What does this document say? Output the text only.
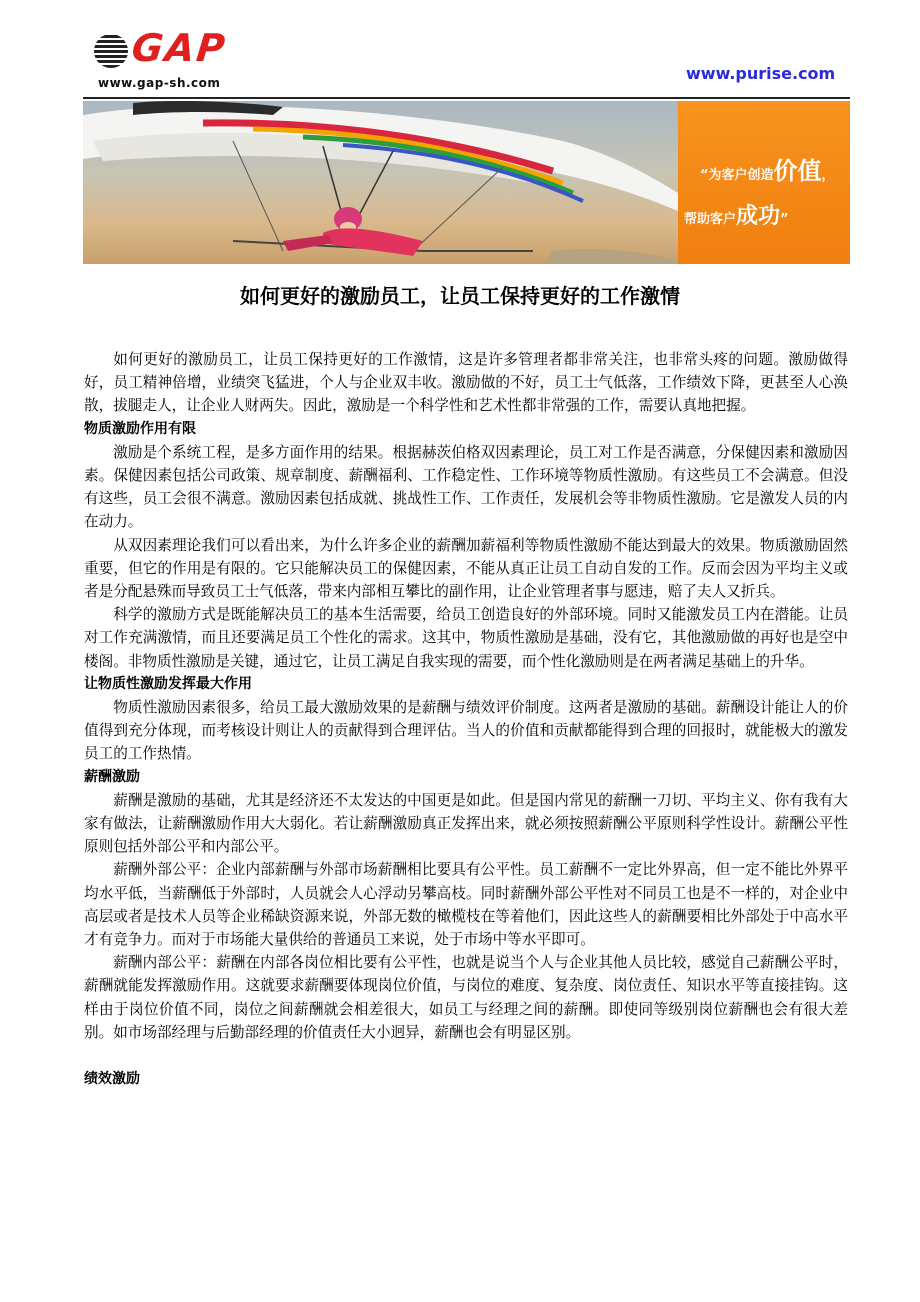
GAP
www.gap-sh.com	www.purise.com
“为客户创造价值，
帮助客户成功”
如何更好的激励员工，让员工保持更好的工作激情

如何更好的激励员工，让员工保持更好的工作激情，这是许多管理者都非常关注，也非常头疼的问题。激励做得好，员工精神倍增，业绩突飞猛进，个人与企业双丰收。激励做的不好，员工士气低落，工作绩效下降，更甚至人心涣散，拔腿走人，让企业人财两失。因此，激励是一个科学性和艺术性都非常强的工作，需要认真地把握。

物质激励作用有限

激励是个系统工程，是多方面作用的结果。根据赫茨伯格双因素理论，员工对工作是否满意，分保健因素和激励因素。保健因素包括公司政策、规章制度、薪酬福利、工作稳定性、工作环境等物质性激励。有这些员工不会满意。但没有这些，员工会很不满意。激励因素包括成就、挑战性工作、工作责任，发展机会等非物质性激励。它是激发人员的内在动力。

从双因素理论我们可以看出来，为什么许多企业的薪酬加薪福利等物质性激励不能达到最大的效果。物质激励固然重要，但它的作用是有限的。它只能解决员工的保健因素，不能从真正让员工自动自发的工作。反而会因为平均主义或者是分配悬殊而导致员工士气低落，带来内部相互攀比的副作用，让企业管理者事与愿违，赔了夫人又折兵。

科学的激励方式是既能解决员工的基本生活需要，给员工创造良好的外部环境。同时又能激发员工内在潜能。让员对工作充满激情，而且还要满足员工个性化的需求。这其中，物质性激励是基础，没有它，其他激励做的再好也是空中楼阁。非物质性激励是关键，通过它，让员工满足自我实现的需要，而个性化激励则是在两者满足基础上的升华。

让物质性激励发挥最大作用

物质性激励因素很多，给员工最大激励效果的是薪酬与绩效评价制度。这两者是激励的基础。薪酬设计能让人的价值得到充分体现，而考核设计则让人的贡献得到合理评估。当人的价值和贡献都能得到合理的回报时，就能极大的激发员工的工作热情。

薪酬激励

薪酬是激励的基础，尤其是经济还不太发达的中国更是如此。但是国内常见的薪酬一刀切、平均主义、你有我有大家有做法，让薪酬激励作用大大弱化。若让薪酬激励真正发挥出来，就必须按照薪酬公平原则科学性设计。薪酬公平性原则包括外部公平和内部公平。

薪酬外部公平：企业内部薪酬与外部市场薪酬相比要具有公平性。员工薪酬不一定比外界高，但一定不能比外界平均水平低，当薪酬低于外部时，人员就会人心浮动另攀高枝。同时薪酬外部公平性对不同员工也是不一样的，对企业中高层或者是技术人员等企业稀缺资源来说，外部无数的橄榄枝在等着他们，因此这些人的薪酬要相比外部处于中高水平才有竞争力。而对于市场能大量供给的普通员工来说，处于市场中等水平即可。

薪酬内部公平：薪酬在内部各岗位相比要有公平性，也就是说当个人与企业其他人员比较，感觉自己薪酬公平时，薪酬就能发挥激励作用。这就要求薪酬要体现岗位价值，与岗位的难度、复杂度、岗位责任、知识水平等直接挂钩。这样由于岗位价值不同，岗位之间薪酬就会相差很大，如员工与经理之间的薪酬。即使同等级别岗位薪酬也会有很大差别。如市场部经理与后勤部经理的价值责任大小迥异，薪酬也会有明显区别。

绩效激励
